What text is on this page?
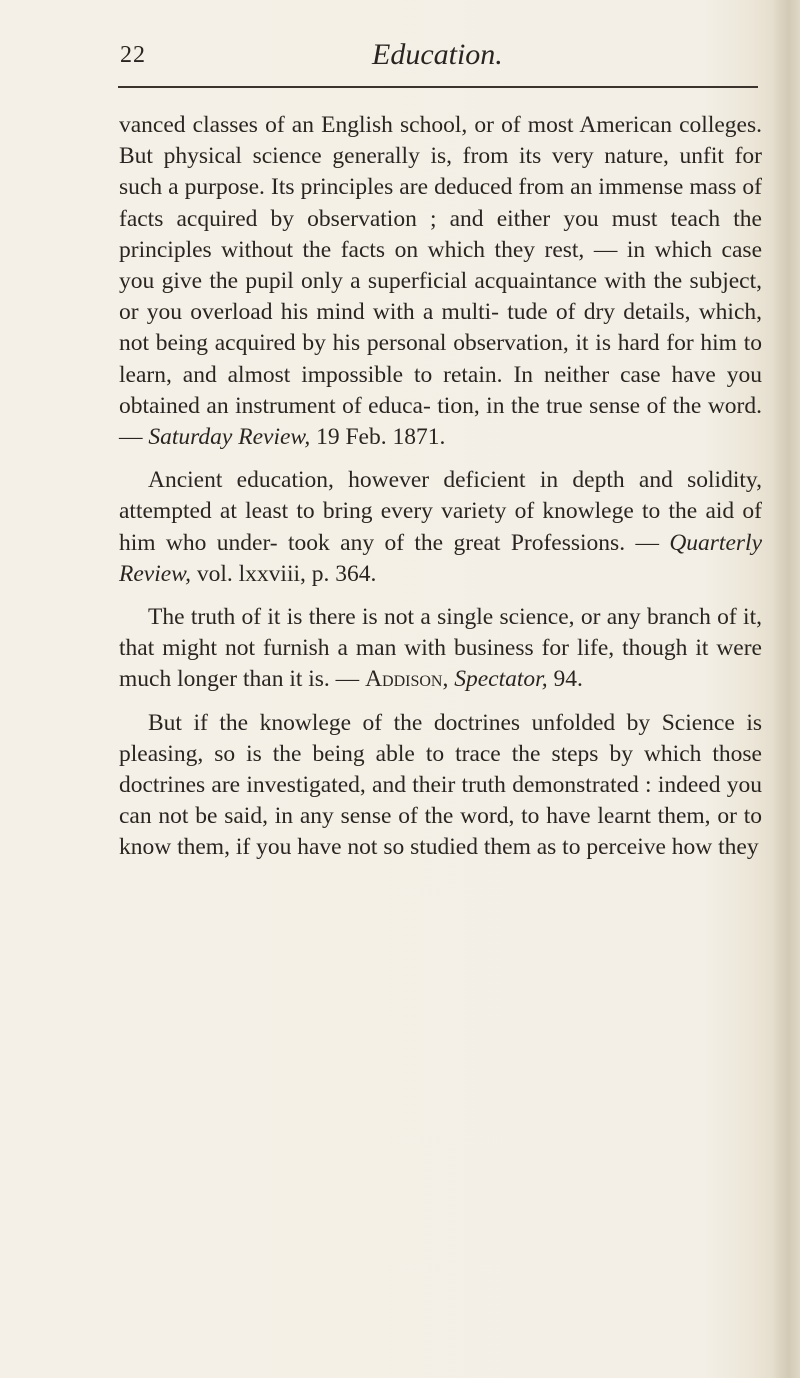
22	Education.

vanced classes of an English school, or of most American colleges. But physical science generally is, from its very nature, unfit for such a purpose. Its principles are deduced from an immense mass of facts acquired by observation ; and either you must teach the principles without the facts on which they rest, — in which case you give the pupil only a superficial acquaintance with the subject, or you overload his mind with a multi- tude of dry details, which, not being acquired by his personal observation, it is hard for him to learn, and almost impossible to retain. In neither case have you obtained an instrument of educa- tion, in the true sense of the word. — Saturday Review, 19 Feb. 1871.

Ancient education, however deficient in depth and solidity, attempted at least to bring every variety of knowlege to the aid of him who under- took any of the great Professions. — Quarterly Review, vol. lxxviii, p. 364.

The truth of it is there is not a single science, or any branch of it, that might not furnish a man with business for life, though it were much longer than it is. — Addison, Spectator, 94.

But if the knowlege of the doctrines unfolded by Science is pleasing, so is the being able to trace the steps by which those doctrines are investigated, and their truth demonstrated : indeed you can not be said, in any sense of the word, to have learnt them, or to know them, if you have not so studied them as to perceive how they
